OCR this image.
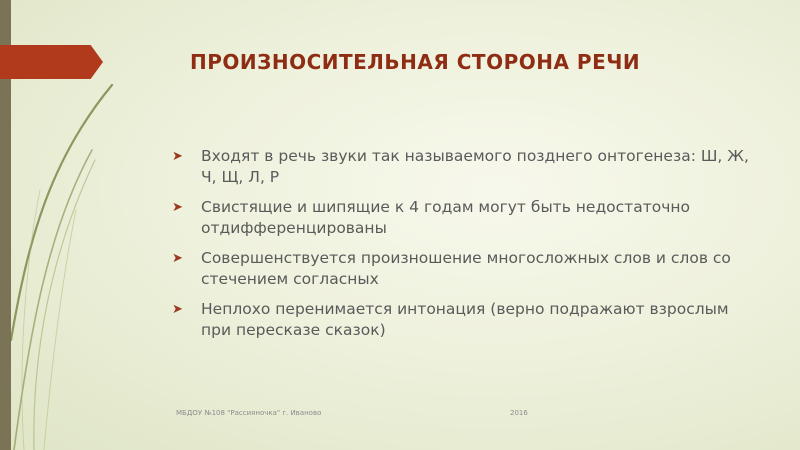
ПРОИЗНОСИТЕЛЬНАЯ СТОРОНА РЕЧИ
➤ Входят в речь звуки так называемого позднего онтогенеза: Ш, Ж, Ч, Щ, Л, Р
➤ Свистящие и шипящие к 4 годам могут быть недостаточно отдифференцированы
➤ Совершенствуется произношение многосложных слов и слов со стечением согласных
➤ Неплохо перенимается интонация (верно подражают взрослым при пересказе сказок)
МБДОУ №108 "Рассияночка" г. Иваново	2016
